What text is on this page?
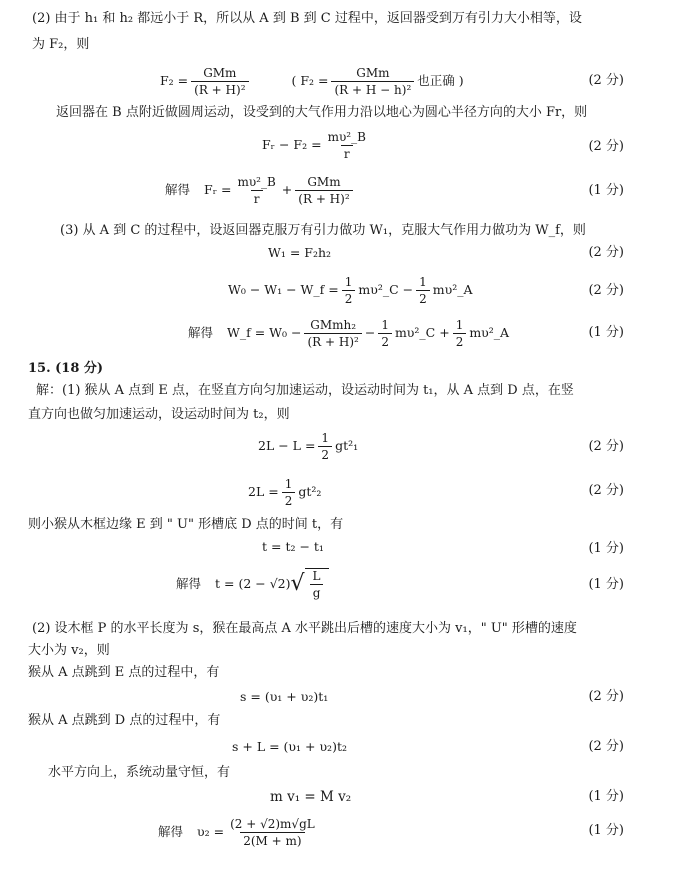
(2) 由于 h₁ 和 h₂ 都远小于 R，所以从 A 到 B 到 C 过程中，返回器受到万有引力大小相等，设
为 F₂，则
$F_2 = \frac{\text{GMm}}{\text{(R + H)²}}$	( $F_2 = \frac{\text{GMm}}{\text{(R + H − h)²}}$ 也正确 )	(2 分)
返回器在 B 点附近做圆周运动，设受到的大气作用力沿以地心为圆心半径方向的大小 Fr，则
Fᵣ − $F_2 = \frac{\text{mυ²\_B}}{r}$	(2 分)
解得 Fᵣ = $\frac{\text{mυ²\_B}}{r} + \frac{\text{GMm}}{\text{(R + H)²}}$	(1 分)
(3) 从 A 到 C 的过程中，设返回器克服万有引力做功 W₁，克服大气作用力做功为 W_f，则
W₁ = F₂h₂	(2 分)
W₀ − W₁ − W_f = $\frac{1}{2}$ mυ²_C − $\frac{1}{2}$ mυ²_A	(2 分)
解得 W_f = $W_0 - \frac{\text{GMmh₂}}{\text{(R + H)²}} - \frac{1}{2}$ mυ²_C + $\frac{1}{2}$ mυ²_A	(1 分)
15. (18 分)
解：(1) 猴从 A 点到 E 点，在竖直方向匀加速运动，设运动时间为 t₁，从 A 点到 D 点，在竖
直方向也做匀加速运动，设运动时间为 t₂，则
$2L - L = \frac{1}{2} gt^2_1$	(2 分)
$2L = \frac{1}{2} gt^2_2$	(2 分)
则小猴从木框边缘 E 到 " U" 形槽底 D 点的时间 t，有
t = t₂ − t₁	(1 分)
解得 t = (2 − √2) √ $\frac{L}{g}$	(1 分)
(2) 设木框 P 的水平长度为 s，猴在最高点 A 水平跳出后槽的速度大小为 v₁，" U" 形槽的速度
大小为 v₂，则
猴从 A 点跳到 E 点的过程中，有
s = (υ₁ + υ₂)t₁	(2 分)
猴从 A 点跳到 D 点的过程中，有
s + L = (υ₁ + υ₂)t₂	(2 分)
水平方向上，系统动量守恒，有
m v₁ = M v₂	(1 分)
解得 $\upsilon_2 = \frac{(2 + √2)m√gL}{2(M + m)}$	(1 分)
